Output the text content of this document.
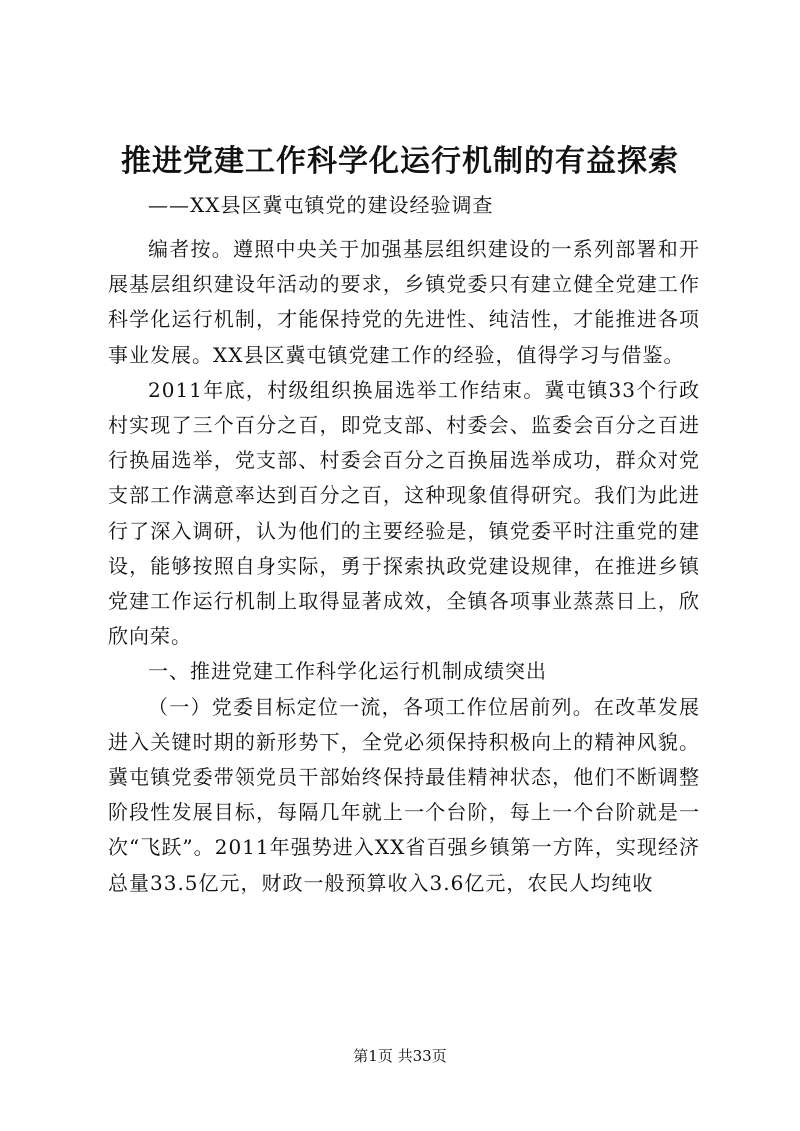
推进党建工作科学化运行机制的有益探索
——XX县区冀屯镇党的建设经验调查

编者按。遵照中央关于加强基层组织建设的一系列部署和开展基层组织建设年活动的要求，乡镇党委只有建立健全党建工作科学化运行机制，才能保持党的先进性、纯洁性，才能推进各项事业发展。XX县区冀屯镇党建工作的经验，值得学习与借鉴。

2011年底，村级组织换届选举工作结束。冀屯镇33个行政村实现了三个百分之百，即党支部、村委会、监委会百分之百进行换届选举，党支部、村委会百分之百换届选举成功，群众对党支部工作满意率达到百分之百，这种现象值得研究。我们为此进行了深入调研，认为他们的主要经验是，镇党委平时注重党的建设，能够按照自身实际，勇于探索执政党建设规律，在推进乡镇党建工作运行机制上取得显著成效，全镇各项事业蒸蒸日上，欣欣向荣。

一、推进党建工作科学化运行机制成绩突出

（一）党委目标定位一流，各项工作位居前列。在改革发展进入关键时期的新形势下，全党必须保持积极向上的精神风貌。冀屯镇党委带领党员干部始终保持最佳精神状态，他们不断调整阶段性发展目标，每隔几年就上一个台阶，每上一个台阶就是一次“飞跃”。2011年强势进入XX省百强乡镇第一方阵，实现经济总量33.5亿元，财政一般预算收入3.6亿元，农民人均纯收

第1页 共33页
